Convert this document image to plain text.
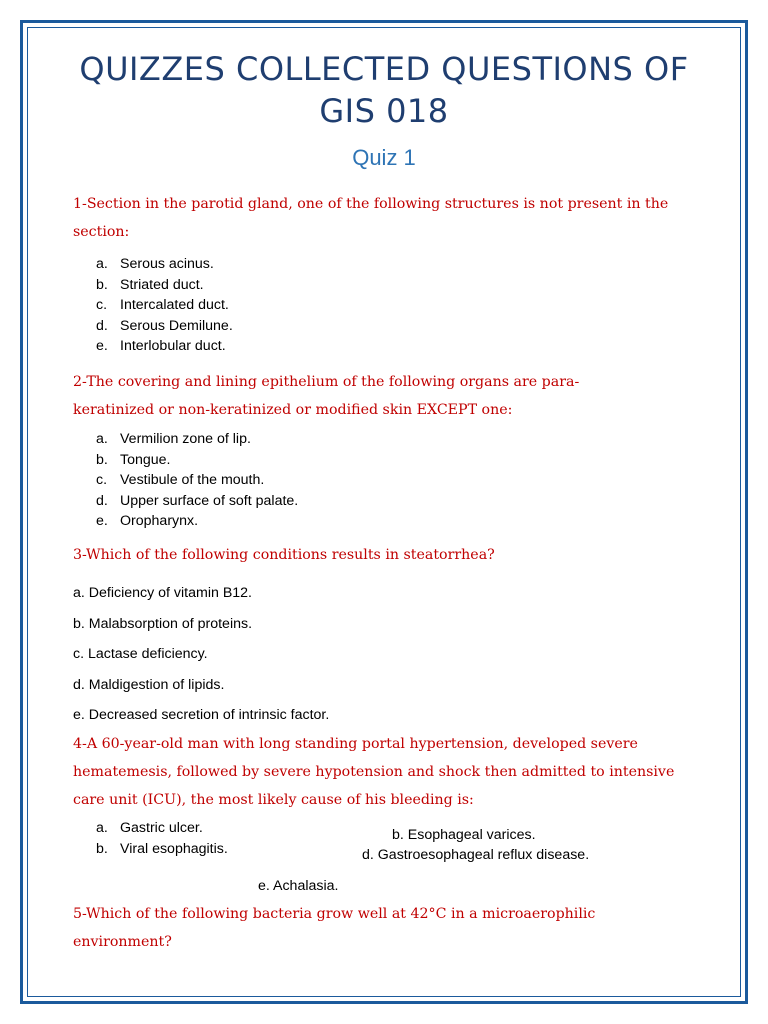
QUIZZES COLLECTED QUESTIONS OF
GIS 018
Quiz 1
1-Section in the parotid gland, one of the following structures is not present in the
section:
a. Serous acinus.
b. Striated duct.
c. Intercalated duct.
d. Serous Demilune.
e. Interlobular duct.
2-The covering and lining epithelium of the following organs are para-
keratinized or non-keratinized or modified skin EXCEPT one:
a. Vermilion zone of lip.
b. Tongue.
c. Vestibule of the mouth.
d. Upper surface of soft palate.
e. Oropharynx.
3-Which of the following conditions results in steatorrhea?
a. Deficiency of vitamin B12.
b. Malabsorption of proteins.
c. Lactase deficiency.
d. Maldigestion of lipids.
e. Decreased secretion of intrinsic factor.
4-A 60-year-old man with long standing portal hypertension, developed severe
hematemesis, followed by severe hypotension and shock then admitted to intensive
care unit (ICU), the most likely cause of his bleeding is:
a. Gastric ulcer.
b. Viral esophagitis.
b. Esophageal varices.
d. Gastroesophageal reflux disease.
e. Achalasia.
5-Which of the following bacteria grow well at 42°C in a microaerophilic
environment?
